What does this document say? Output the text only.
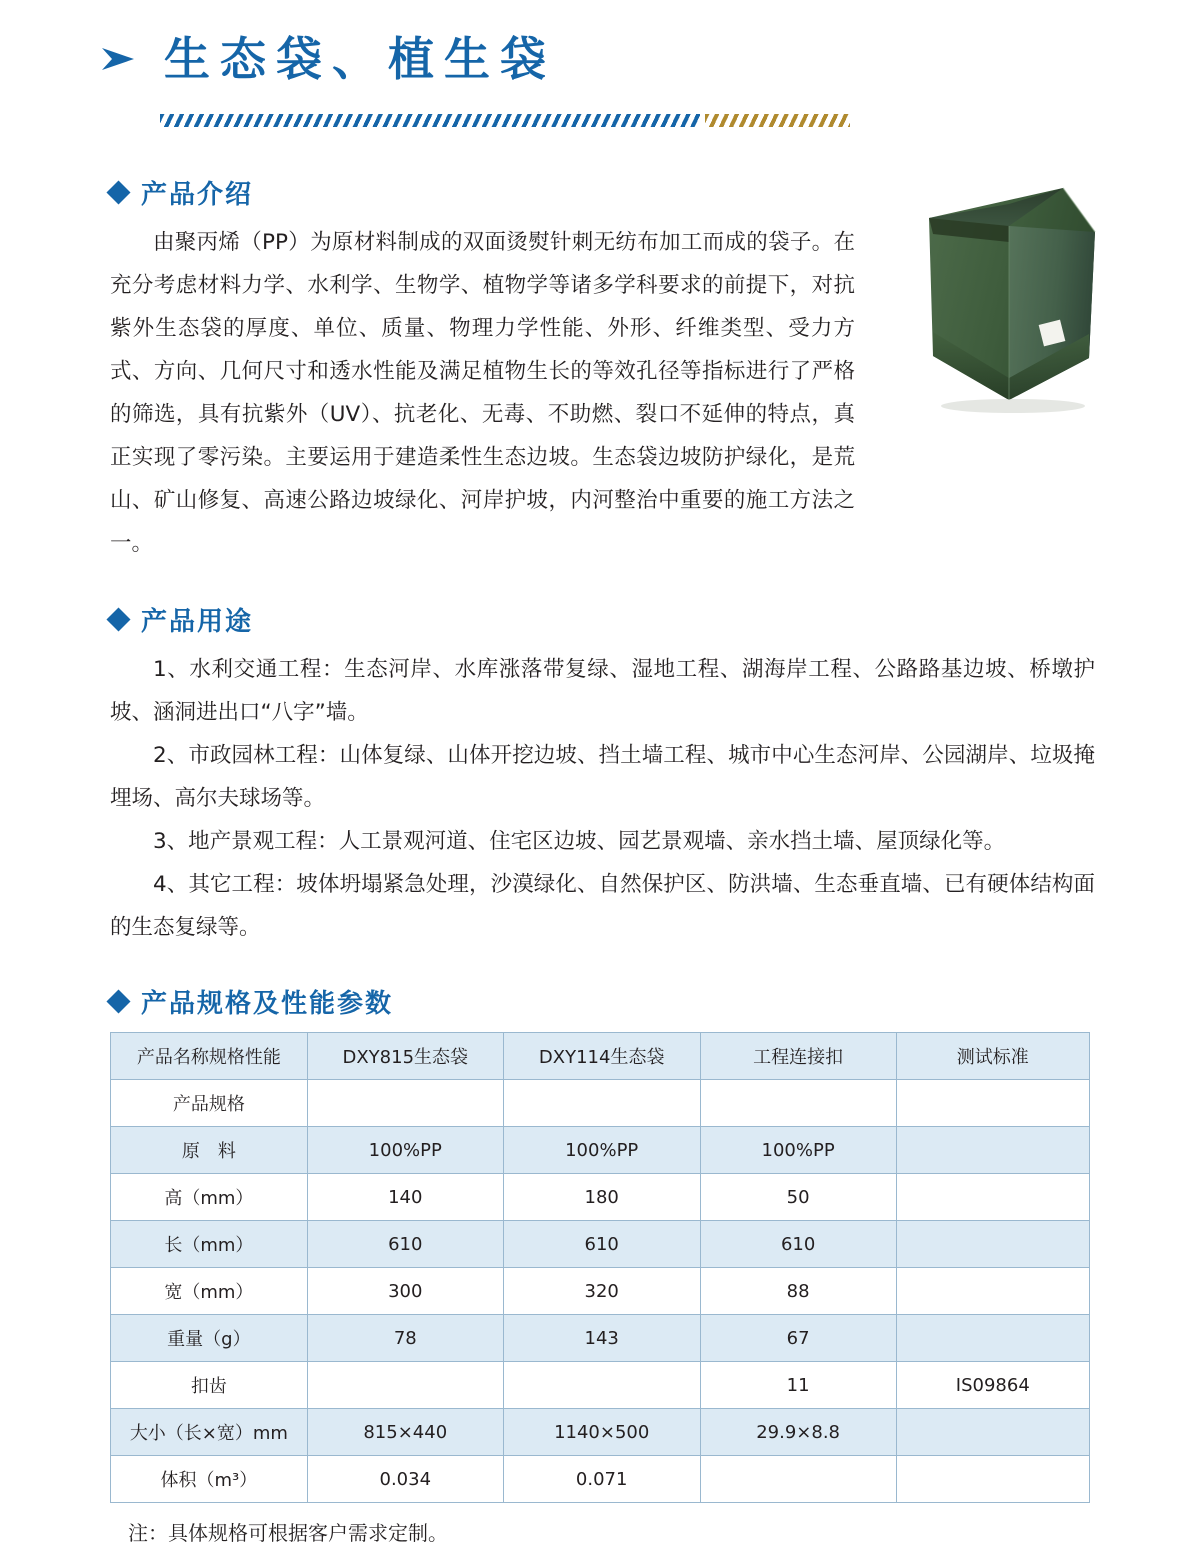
生态袋、植生袋
产品介绍
由聚丙烯（PP）为原材料制成的双面烫熨针刺无纺布加工而成的袋子。在充分考虑材料力学、水利学、生物学、植物学等诸多学科要求的前提下，对抗紫外生态袋的厚度、单位、质量、物理力学性能、外形、纤维类型、受力方式、方向、几何尺寸和透水性能及满足植物生长的等效孔径等指标进行了严格的筛选，具有抗紫外（UV）、抗老化、无毒、不助燃、裂口不延伸的特点，真正实现了零污染。主要运用于建造柔性生态边坡。生态袋边坡防护绿化，是荒山、矿山修复、高速公路边坡绿化、河岸护坡，内河整治中重要的施工方法之一。
产品用途

1、水利交通工程：生态河岸、水库涨落带复绿、湿地工程、湖海岸工程、公路路基边坡、桥墩护坡、涵洞进出口“八字”墙。

2、市政园林工程：山体复绿、山体开挖边坡、挡土墙工程、城市中心生态河岸、公园湖岸、垃圾掩埋场、高尔夫球场等。

3、地产景观工程：人工景观河道、住宅区边坡、园艺景观墙、亲水挡土墙、屋顶绿化等。

4、其它工程：坡体坍塌紧急处理，沙漠绿化、自然保护区、防洪墙、生态垂直墙、已有硬体结构面的生态复绿等。

产品规格及性能参数
产品名称规格性能	DXY815生态袋	DXY114生态袋	工程连接扣	测试标准
产品规格				
原　料	100%PP	100%PP	100%PP	
高（mm）	140	180	50	
长（mm）	610	610	610	
宽（mm）	300	320	88	
重量（g）	78	143	67	
扣齿			11	IS09864
大小（长×宽）mm	815×440	1140×500	29.9×8.8	
体积（m³）	0.034	0.071		
注：具体规格可根据客户需求定制。
